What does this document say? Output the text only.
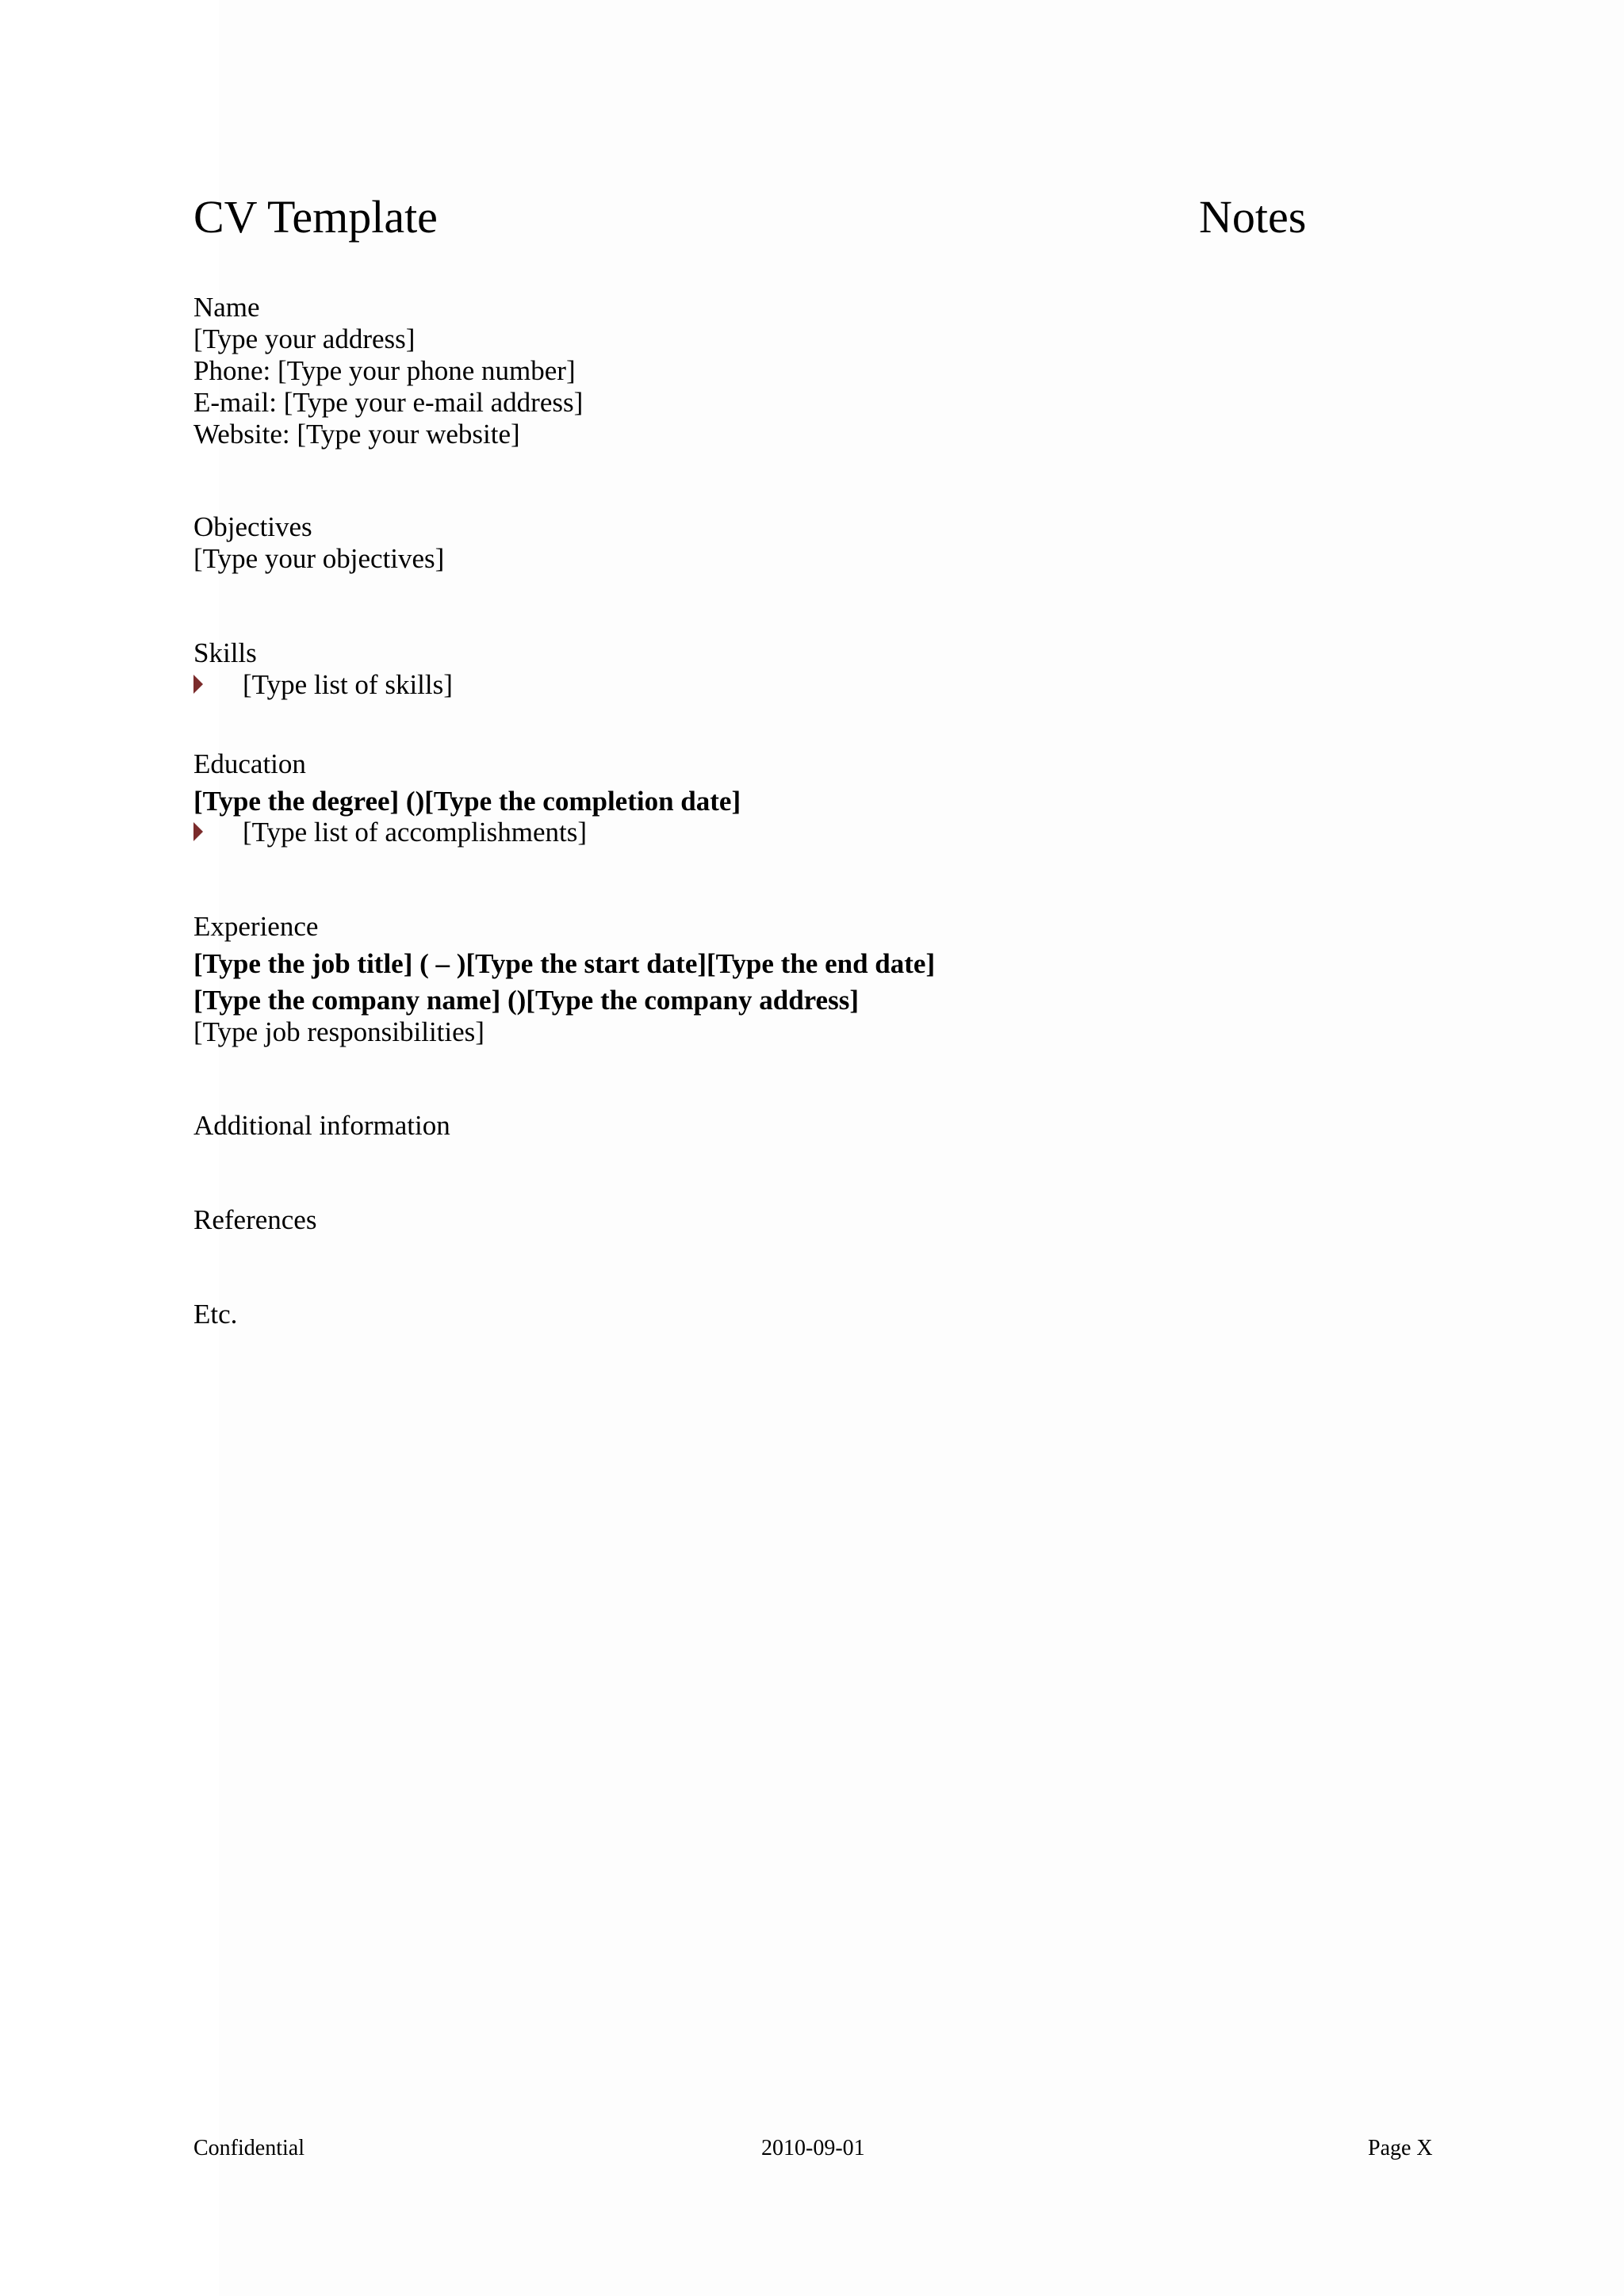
CV Template	Notes
Name
[Type your address]
Phone: [Type your phone number]
E-mail: [Type your e-mail address]
Website: [Type your website]
Objectives
[Type your objectives]
Skills
[Type list of skills]
Education
[Type the degree] ()[Type the completion date]
[Type list of accomplishments]
Experience
[Type the job title] ( – )[Type the start date][Type the end date]
[Type the company name] ()[Type the company address]
[Type job responsibilities]
Additional information
References
Etc.
Confidential	2010-09-01	Page X
